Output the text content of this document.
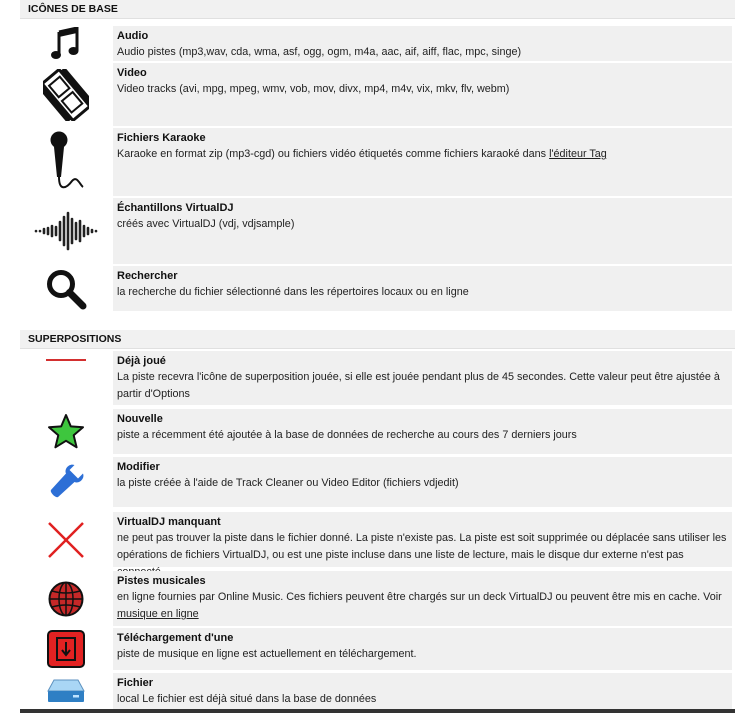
ICÔNES DE BASE
Audio
Audio pistes (mp3,wav, cda, wma, asf, ogg, ogm, m4a, aac, aif, aiff, flac, mpc, singe)
Video
Video tracks (avi, mpg, mpeg, wmv, vob, mov, divx, mp4, m4v, vix, mkv, flv, webm)
Fichiers Karaoke
Karaoke en format zip (mp3-cgd) ou fichiers vidéo étiquetés comme fichiers karaoké dans l'éditeur Tag
Échantillons VirtualDJ
créés avec VirtualDJ (vdj, vdjsample)
Rechercher
la recherche du fichier sélectionné dans les répertoires locaux ou en ligne
SUPERPOSITIONS
Déjà joué
La piste recevra l'icône de superposition jouée, si elle est jouée pendant plus de 45 secondes. Cette valeur peut être ajustée à partir d'Options
Nouvelle
piste a récemment été ajoutée à la base de données de recherche au cours des 7 derniers jours
Modifier
la piste créée à l'aide de Track Cleaner ou Video Editor (fichiers vdjedit)
VirtualDJ manquant
ne peut pas trouver la piste dans le fichier donné. La piste n'existe pas. La piste est soit supprimée ou déplacée sans utiliser les opérations de fichiers VirtualDJ, ou est une piste incluse dans une liste de lecture, mais le disque dur externe n'est pas
Pistes musicales
en ligne fournies par Online Music. Ces fichiers peuvent être chargés sur un deck VirtualDJ ou peuvent être mis en cache. Voir musique en ligne
Téléchargement d'une
piste de musique en ligne est actuellement en téléchargement.
Fichier
local Le fichier est déjà situé dans la base de données
